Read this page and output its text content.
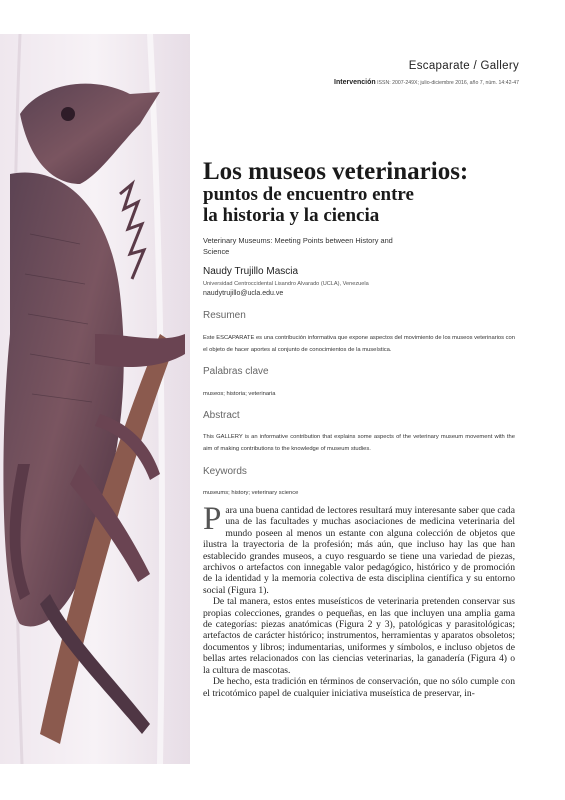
Escaparate / Gallery
Intervención ISSN: 2007-249X; julio-diciembre 2016, año 7, núm. 14:42-47
Los museos veterinarios:
puntos de encuentro entre
la historia y la ciencia
Veterinary Museums: Meeting Points between History and Science
Naudy Trujillo Mascia
Universidad Centroccidental Lisandro Alvarado (UCLA), Venezuela
naudytrujillo@ucla.edu.ve
Resumen
Este ESCAPARATE es una contribución informativa que expone aspectos del movimiento de los museos veterinarios con el objeto de hacer aportes al conjunto de conocimientos de la museística.
Palabras clave
museos; historia; veterinaria
Abstract
This GALLERY is an informative contribution that explains some aspects of the veterinary museum movement with the aim of making contributions to the knowledge of museum studies.
Keywords
museums; history; veterinary science

Para una buena cantidad de lectores resultará muy interesante saber que cada una de las facultades y muchas asociaciones de medicina veterinaria del mundo poseen al menos un estante con alguna colección de objetos que ilustra la trayectoria de la profesión; más aún, que incluso hay las que han establecido grandes museos, a cuyo resguardo se tiene una variedad de piezas, archivos o artefactos con innegable valor pedagógico, histórico y de promoción de la identidad y la memoria colectiva de esta disciplina científica y su entorno social (Figura 1).

De tal manera, estos entes museísticos de veterinaria pretenden conservar sus propias colecciones, grandes o pequeñas, en las que incluyen una amplia gama de categorías: piezas anatómicas (Figura 2 y 3), patológicas y parasitológicas; artefactos de carácter histórico; instrumentos, herramientas y aparatos obsoletos; documentos y libros; indumentarias, uniformes y símbolos, e incluso objetos de bellas artes relacionados con las ciencias veterinarias, la ganadería (Figura 4) o la cultura de mascotas.

De hecho, esta tradición en términos de conservación, que no sólo cumple con el tricotómico papel de cualquier iniciativa museística de preservar, in-
